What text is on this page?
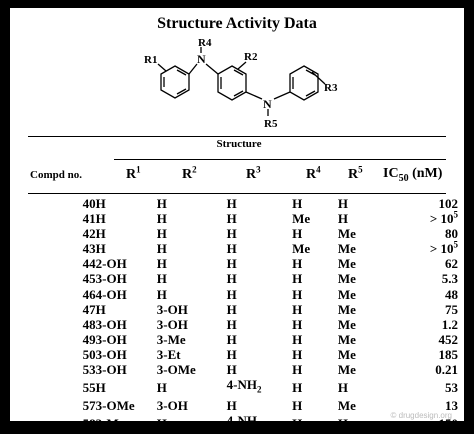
Structure Activity Data
N
N
R1
R4
R2
R3
R5
Structure
Compd no.	$R^1$	$R^2$	$R^3$	$R^4$ $R^5$ $IC_{50}$ (nM)
40	H	H	H	H	H	102
41	H	H	H	Me	H	> $10^5$
42	H	H	H	H	Me	80
43	H	H	H	Me	Me	> $10^5$
44	2-OH	H	H	H	Me	62
45	3-OH	H	H	H	Me	5.3
46	4-OH	H	H	H	Me	48
47	H	3-OH	H	H	Me	75
48	3-OH	3-OH	H	H	Me	1.2
49	3-OH	3-Me	H	H	Me	452
50	3-OH	3-Et	H	H	Me	185
53	3-OH	3-OMe	H	H	Me	0.21
55	H	H	$4-NH_2$	H	H	53
57	3-OMe	3-OH	H	H	Me	13
58	3-Me	H	$4-NH_2$	H	H	150
© drugdesign.org
